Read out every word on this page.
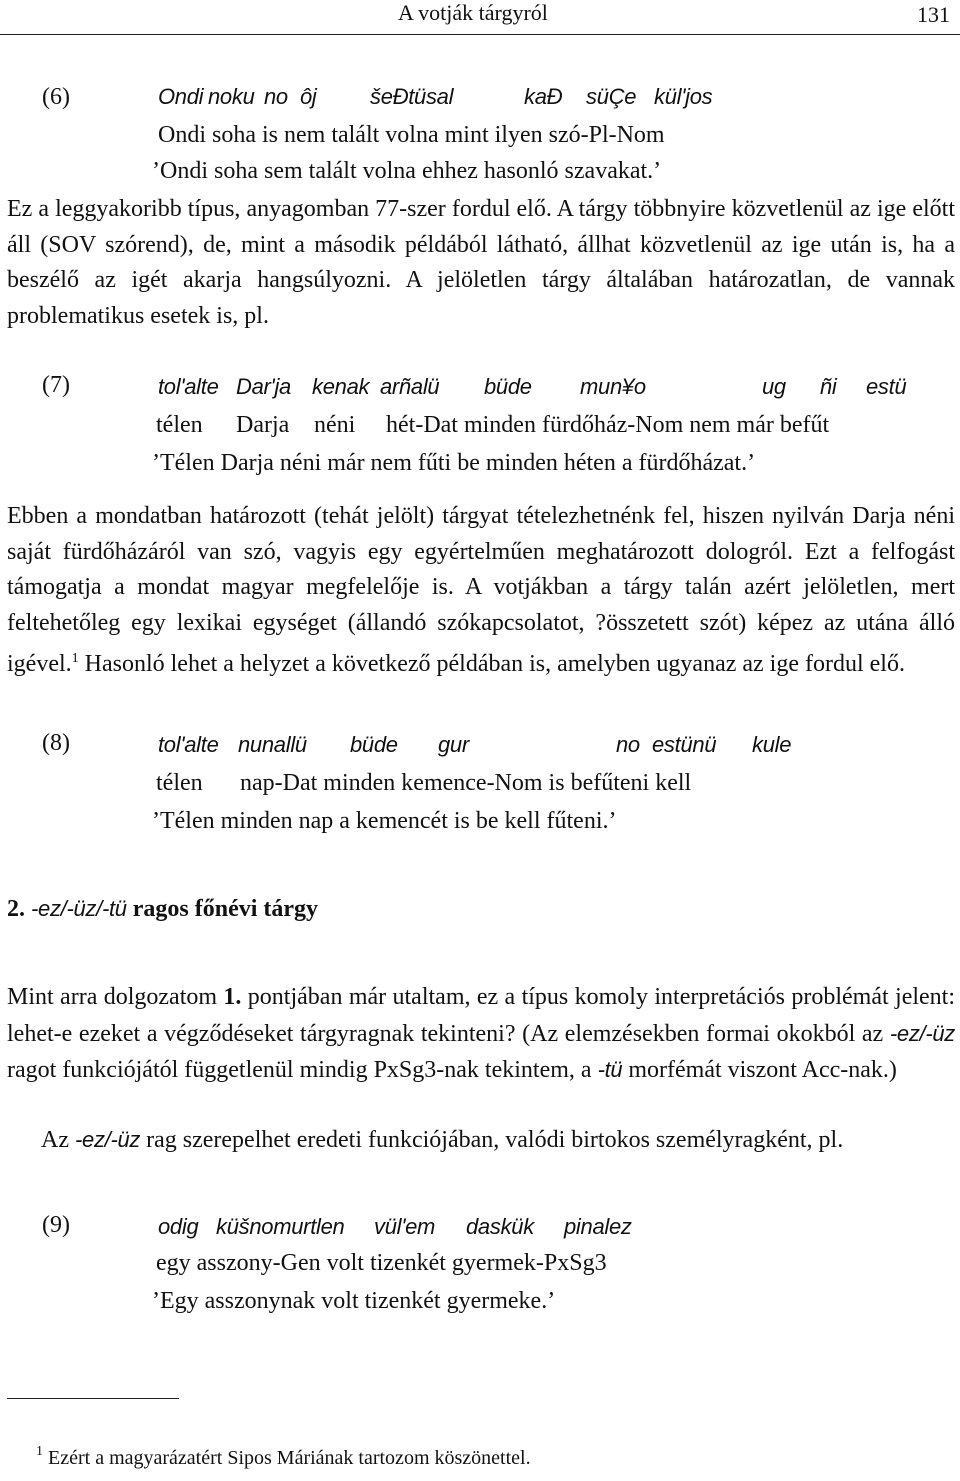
A votják tárgyról	131
(6)	Ondi noku no ôj šeÐtüsal	kaÐ süÇe kül'jos
Ondi soha is nem talált volna mint ilyen szó-Pl-Nom
’Ondi soha sem talált volna ehhez hasonló szavakat.’

Ez a leggyakoribb típus, anyagomban 77-szer fordul elő. A tárgy többnyire közvetlenül az ige előtt áll (SOV szórend), de, mint a második példából látható, állhat közvetlenül az ige után is, ha a beszélő az igét akarja hangsúlyozni. A jelöletlen tárgy általában határozatlan, de vannak problematikus esetek is, pl.

(7)	tol'alte Dar'ja kenak arñalü büde mun¥o	ug ñi estü
télen Darja néni hét-Dat minden fürdőház-Nom nem már befűt
’Télen Darja néni már nem fűti be minden héten a fürdőházat.’

Ebben a mondatban határozott (tehát jelölt) tárgyat tételezhetnénk fel, hiszen nyilván Darja néni saját fürdőházáról van szó, vagyis egy egyértelműen meghatározott dologról. Ezt a felfogást támogatja a mondat magyar megfelelője is. A votjákban a tárgy talán azért jelöletlen, mert feltehetőleg egy lexikai egységet (állandó szókapcsolatot, ?összetett szót) képez az utána álló igével.$^1$ Hasonló lehet a helyzet a következő példában is, amelyben ugyanaz az ige fordul elő.

(8)	tol'alte nunallü büde gur	no estünü kule
télen nap-Dat minden kemence-Nom is befűteni kell
’Télen minden nap a kemencét is be kell fűteni.’
2. -ez/-üz/-tü ragos főnévi tárgy

Mint arra dolgozatom 1. pontjában már utaltam, ez a típus komoly interpretációs problémát jelent: lehet-e ezeket a végződéseket tárgyragnak tekinteni? (Az elemzésekben formai okokból az -ez/-üz ragot funkciójától függetlenül mindig PxSg3-nak tekintem, a -tü morfémát viszont Acc-nak.)

Az -ez/-üz rag szerepelhet eredeti funkciójában, valódi birtokos személyragként, pl.

(9)	odig küšnomurtlen vül'em daskük pinalez
egy asszony-Gen volt tizenkét gyermek-PxSg3
’Egy asszonynak volt tizenkét gyermeke.’
$^1$ Ezért a magyarázatért Sipos Máriának tartozom köszönettel.
